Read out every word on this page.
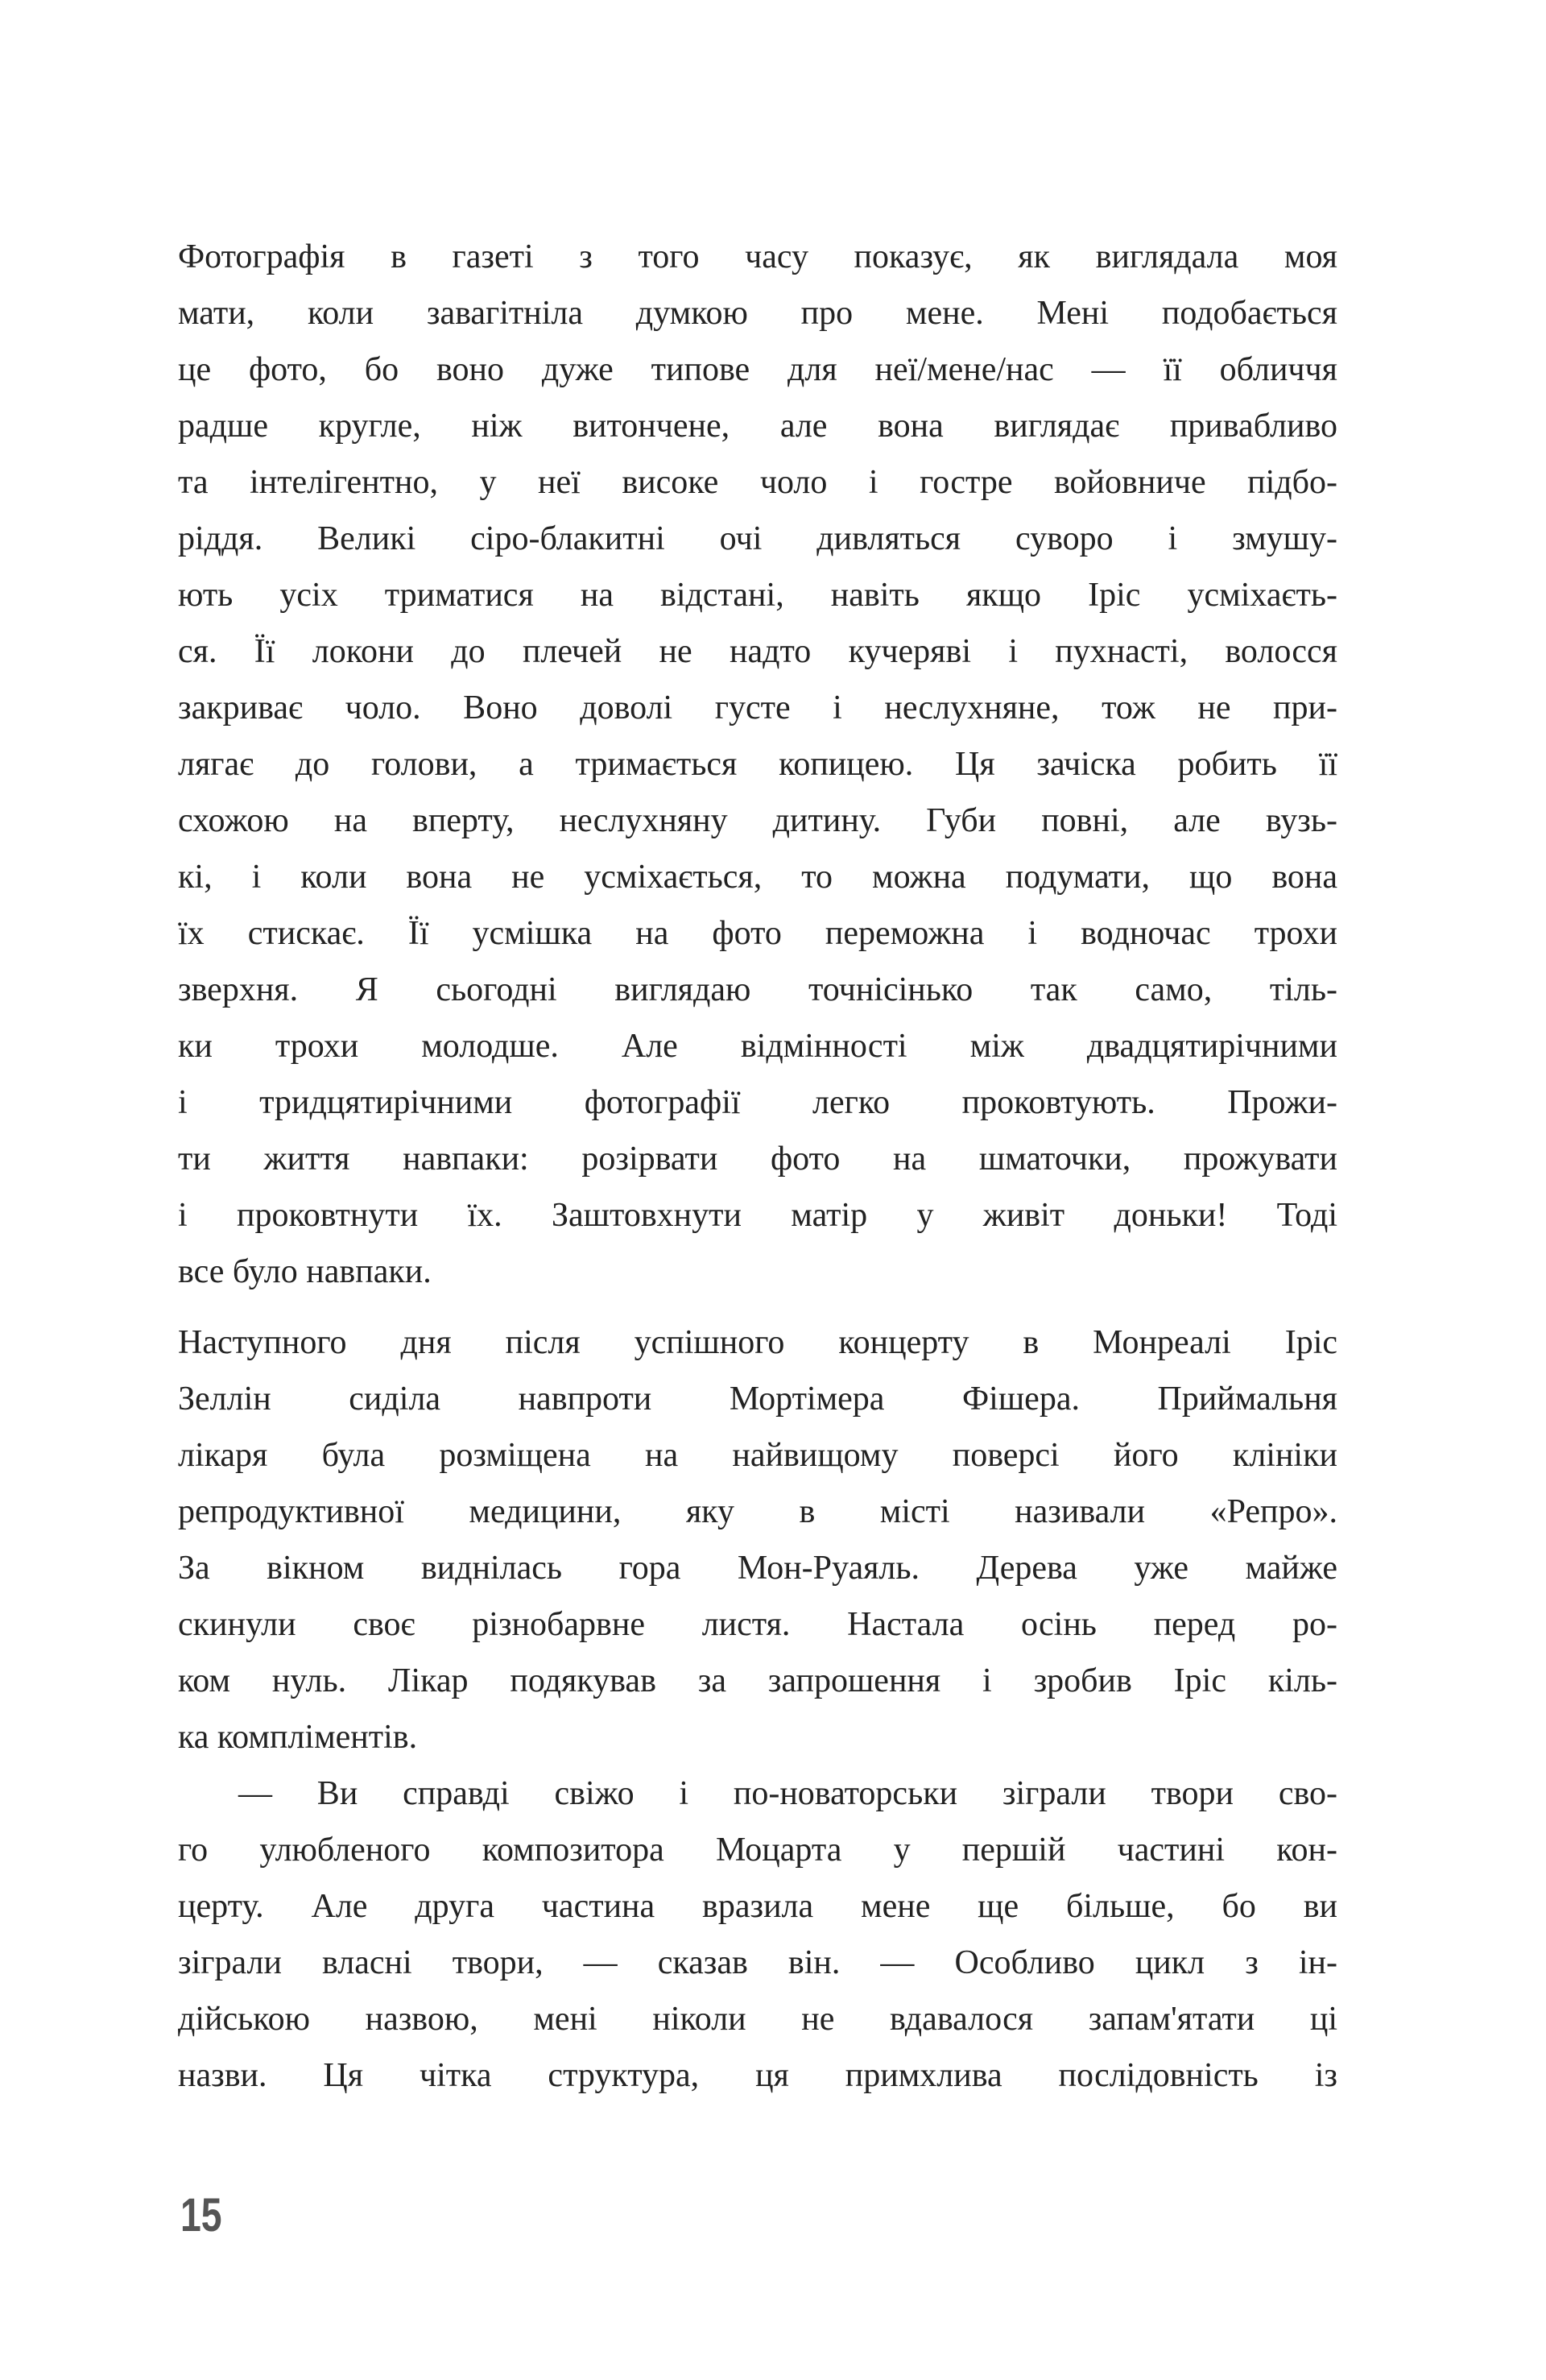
Фотографія в газеті з того часу показує, як виглядала моя
мати, коли завагітніла думкою про мене. Мені подобається
це фото, бо воно дуже типове для неї/мене/нас — її обличчя
радше кругле, ніж витончене, але вона виглядає привабливо
та інтелігентно, у неї високе чоло і гостре войовниче підбо-
ріддя. Великі сіро-блакитні очі дивляться суворо і змушу-
ють усіх триматися на відстані, навіть якщо Іріс усміхаєть-
ся. Її локони до плечей не надто кучеряві і пухнасті, волосся
закриває чоло. Воно доволі густе і неслухняне, тож не при-
лягає до голови, а тримається копицею. Ця зачіска робить її
схожою на вперту, неслухняну дитину. Губи повні, але вузь-
кі, і коли вона не усміхається, то можна подумати, що вона
їх стискає. Її усмішка на фото переможна і водночас трохи
зверхня. Я сьогодні виглядаю точнісінько так само, тіль-
ки трохи молодше. Але відмінності між двадцятирічними
і тридцятирічними фотографії легко проковтують. Прожи-
ти життя навпаки: розірвати фото на шматочки, прожувати
і проковтнути їх. Заштовхнути матір у живіт доньки! Тоді
все було навпаки.
Наступного дня після успішного концерту в Монреалі Іріс
Зеллін сиділа навпроти Мортімера Фішера. Приймальня
лікаря була розміщена на найвищому поверсі його клініки
репродуктивної медицини, яку в місті називали «Репро».
За вікном виднілась гора Мон-Руаяль. Дерева уже майже
скинули своє різнобарвне листя. Настала осінь перед ро-
ком нуль. Лікар подякував за запрошення і зробив Іріс кіль-
ка компліментів.
— Ви справді свіжо і по-новаторськи зіграли твори сво-
го улюбленого композитора Моцарта у першій частині кон-
церту. Але друга частина вразила мене ще більше, бо ви
зіграли власні твори, — сказав він. — Особливо цикл з ін-
дійською назвою, мені ніколи не вдавалося запам'ятати ці
назви. Ця чітка структура, ця примхлива послідовність із
15
